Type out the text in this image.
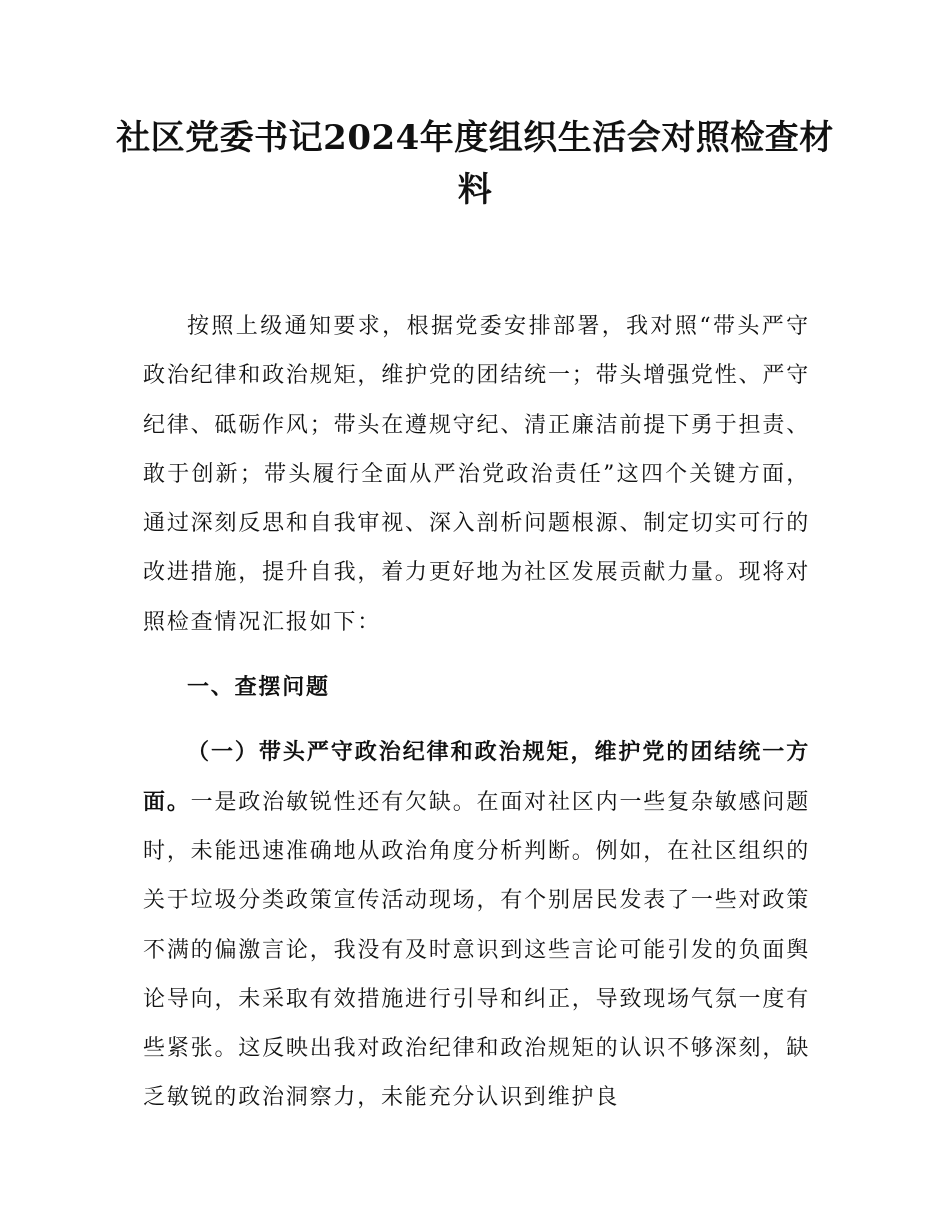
社区党委书记2024年度组织生活会对照检查材料

按照上级通知要求，根据党委安排部署，我对照“带头严守政治纪律和政治规矩，维护党的团结统一；带头增强党性、严守纪律、砥砺作风；带头在遵规守纪、清正廉洁前提下勇于担责、敢于创新；带头履行全面从严治党政治责任”这四个关键方面，通过深刻反思和自我审视、深入剖析问题根源、制定切实可行的改进措施，提升自我，着力更好地为社区发展贡献力量。现将对照检查情况汇报如下：

一、查摆问题

（一）带头严守政治纪律和政治规矩，维护党的团结统一方面。一是政治敏锐性还有欠缺。在面对社区内一些复杂敏感问题时，未能迅速准确地从政治角度分析判断。例如，在社区组织的关于垃圾分类政策宣传活动现场，有个别居民发表了一些对政策不满的偏激言论，我没有及时意识到这些言论可能引发的负面舆论导向，未采取有效措施进行引导和纠正，导致现场气氛一度有些紧张。这反映出我对政治纪律和政治规矩的认识不够深刻，缺乏敏锐的政治洞察力，未能充分认识到维护良
